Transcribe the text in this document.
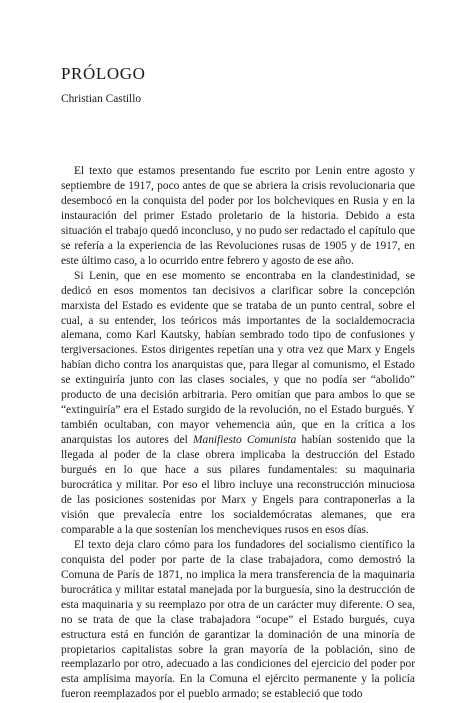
PRÓLOGO

Christian Castillo

El texto que estamos presentando fue escrito por Lenin entre agosto y septiembre de 1917, poco antes de que se abriera la crisis revolucionaria que desembocó en la conquista del poder por los bolcheviques en Rusia y en la instauración del primer Estado proletario de la historia. Debido a esta situación el trabajo quedó inconcluso, y no pudo ser redactado el capítulo que se refería a la experiencia de las Revoluciones rusas de 1905 y de 1917, en este último caso, a lo ocurrido entre febrero y agosto de ese año.

Si Lenin, que en ese momento se encontraba en la clandestinidad, se dedicó en esos momentos tan decisivos a clarificar sobre la concepción marxista del Estado es evidente que se trataba de un punto central, sobre el cual, a su entender, los teóricos más importantes de la socialdemocracia alemana, como Karl Kautsky, habían sembrado todo tipo de confusiones y tergiversaciones. Estos dirigentes repetían una y otra vez que Marx y Engels habían dicho contra los anarquistas que, para llegar al comunismo, el Estado se extinguiría junto con las clases sociales, y que no podía ser “abolido” producto de una decisión arbitraria. Pero omitían que para ambos lo que se “extinguiría” era el Estado surgido de la revolución, no el Estado burgués. Y también ocultaban, con mayor vehemencia aún, que en la crítica a los anarquistas los autores del Manifiesto Comunista habían sostenido que la llegada al poder de la clase obrera implicaba la destrucción del Estado burgués en lo que hace a sus pilares fundamentales: su maquinaria burocrática y militar. Por eso el libro incluye una reconstrucción minuciosa de las posiciones sostenidas por Marx y Engels para contraponerlas a la visión que prevalecía entre los socialdemócratas alemanes, que era comparable a la que sostenían los mencheviques rusos en esos días.

El texto deja claro cómo para los fundadores del socialismo científico la conquista del poder por parte de la clase trabajadora, como demostró la Comuna de París de 1871, no implica la mera transferencia de la maquinaria burocrática y militar estatal manejada por la burguesía, sino la destrucción de esta maquinaria y su reemplazo por otra de un carácter muy diferente. O sea, no se trata de que la clase trabajadora “ocupe” el Estado burgués, cuya estructura está en función de garantizar la dominación de una minoría de propietarios capitalistas sobre la gran mayoría de la población, sino de reemplazarlo por otro, adecuado a las condiciones del ejercicio del poder por esta amplísima mayoría. En la Comuna el ejército permanente y la policía fueron reemplazados por el pueblo armado; se estableció que todo
